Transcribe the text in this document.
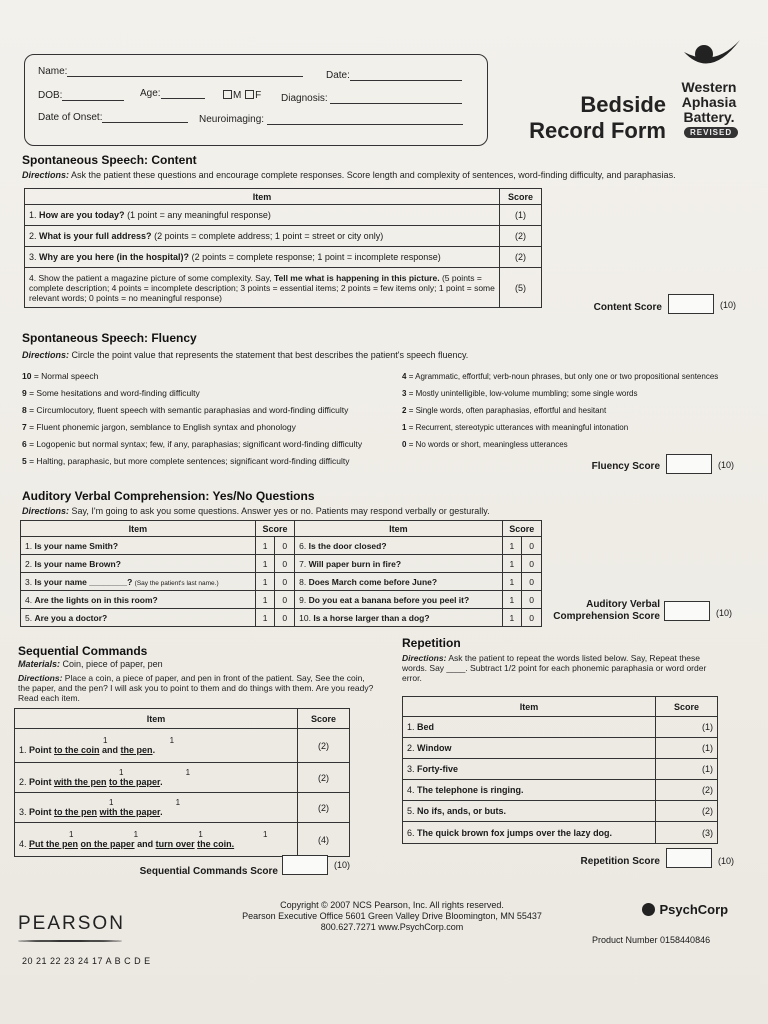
Name:	Date:
DOB:	Age:	M F Diagnosis:
Date of Onset:	Neuroimaging:
Bedside
Record Form
Western
Aphasia
Battery.
REVISED
Spontaneous Speech: Content
Directions: Ask the patient these questions and encourage complete responses. Score length and complexity of sentences, word-finding difficulty, and paraphasias.
Item	Score
1. How are you today? (1 point = any meaningful response)	(1)
2. What is your full address? (2 points = complete address; 1 point = street or city only)	(2)
3. Why are you here (in the hospital)? (2 points = complete response; 1 point = incomplete response)	(2)
4. Show the patient a magazine picture of some complexity. Say, Tell me what is happening in this picture. (5 points = complete description; 4 points = incomplete description; 3 points = essential items; 2 points = few items only; 1 point = some relevant words; 0 points = no meaningful response)	(5)
Content Score	(10)
Spontaneous Speech: Fluency
Directions: Circle the point value that represents the statement that best describes the patient's speech fluency.
10 = Normal speech
9 = Some hesitations and word-finding difficulty
8 = Circumlocutory, fluent speech with semantic paraphasias and word-finding difficulty
7 = Fluent phonemic jargon, semblance to English syntax and phonology
6 = Logopenic but normal syntax; few, if any, paraphasias; significant word-finding difficulty
5 = Halting, paraphasic, but more complete sentences; significant word-finding difficulty
4 = Agrammatic, effortful; verb-noun phrases, but only one or two propositional sentences
3 = Mostly unintelligible, low-volume mumbling; some single words
2 = Single words, often paraphasias, effortful and hesitant
1 = Recurrent, stereotypic utterances with meaningful intonation
0 = No words or short, meaningless utterances
Fluency Score	(10)
Auditory Verbal Comprehension: Yes/No Questions
Directions: Say, I'm going to ask you some questions. Answer yes or no. Patients may respond verbally or gesturally.
Item	Score		Item	Score	
1. Is your name Smith?	1	0	6. Is the door closed?	1	0
2. Is your name Brown?	1	0	7. Will paper burn in fire?	1	0
3. Is your name ________? (Say the patient's last name.)	1	0	8. Does March come before June?	1	0
4. Are the lights on in this room?	1	0	9. Do you eat a banana before you peel it?	1	0
5. Are you a doctor?	1	0	10. Is a horse larger than a dog?	1	0
Auditory Verbal
Comprehension Score	(10)
Sequential Commands
Materials: Coin, piece of paper, pen
Directions: Place a coin, a piece of paper, and pen in front of the patient. Say, See the coin, the paper, and the pen? I will ask you to point to them and do things with them. Are you ready? Read each item.
Item	Score

1 1
1. Point to the coin and the pen.	(2)

1 1
2. Point with the pen to the paper.	(2)

1 1
3. Point to the pen with the paper.	(2)

1 1 1 1
4. Put the pen on the paper and turn over the coin.	(4)
Sequential Commands Score
(10)
Repetition
Directions: Ask the patient to repeat the words listed below. Say, Repeat these words. Say ____. Subtract 1/2 point for each phonemic paraphasia or word order error.
Item	Score
1. Bed	(1)
2. Window	(1)
3. Forty-five	(1)
4. The telephone is ringing.	(2)
5. No ifs, ands, or buts.	(2)
6. The quick brown fox jumps over the lazy dog.	(3)
Repetition Score	(10)
PEARSON
20 21 22 23 24 17 A B C D E
Copyright © 2007 NCS Pearson, Inc. All rights reserved.
Pearson Executive Office 5601 Green Valley Drive Bloomington, MN 55437
800.627.7271 www.PsychCorp.com
PsychCorp
Product Number 0158440846
